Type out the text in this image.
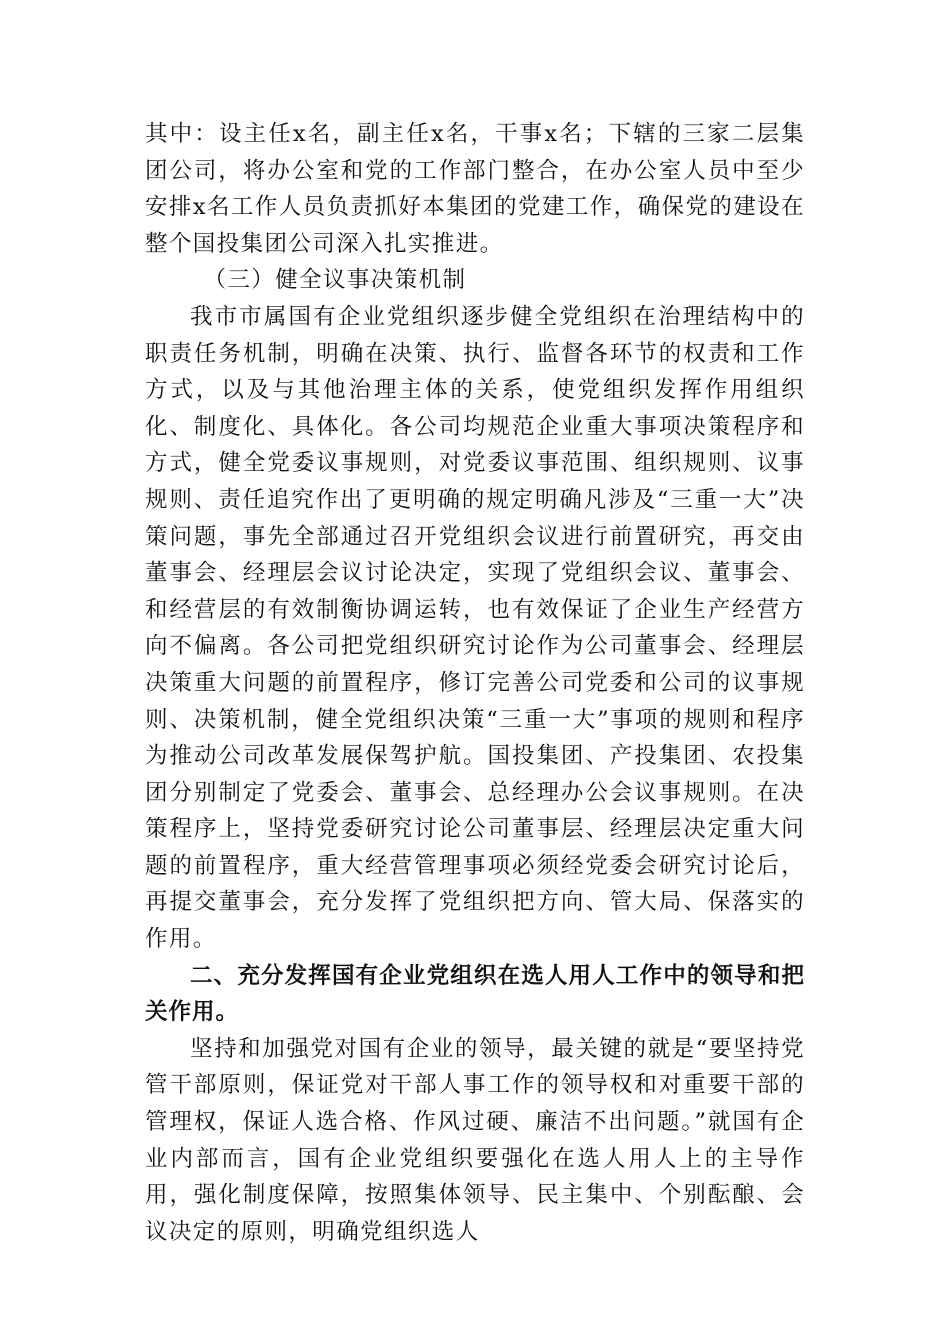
其中：设主任x名，副主任x名，干事x名；下辖的三家二层集团公司，将办公室和党的工作部门整合，在办公室人员中至少安排x名工作人员负责抓好本集团的党建工作，确保党的建设在整个国投集团公司深入扎实推进。

（三）健全议事决策机制

我市市属国有企业党组织逐步健全党组织在治理结构中的职责任务机制，明确在决策、执行、监督各环节的权责和工作方式，以及与其他治理主体的关系，使党组织发挥作用组织化、制度化、具体化。各公司均规范企业重大事项决策程序和方式，健全党委议事规则，对党委议事范围、组织规则、议事规则、责任追究作出了更明确的规定明确凡涉及“三重一大”决策问题，事先全部通过召开党组织会议进行前置研究，再交由董事会、经理层会议讨论决定，实现了党组织会议、董事会、和经营层的有效制衡协调运转，也有效保证了企业生产经营方向不偏离。各公司把党组织研究讨论作为公司董事会、经理层决策重大问题的前置程序，修订完善公司党委和公司的议事规则、决策机制，健全党组织决策“三重一大”事项的规则和程序为推动公司改革发展保驾护航。国投集团、产投集团、农投集团分别制定了党委会、董事会、总经理办公会议事规则。在决策程序上，坚持党委研究讨论公司董事层、经理层决定重大问题的前置程序，重大经营管理事项必须经党委会研究讨论后，再提交董事会，充分发挥了党组织把方向、管大局、保落实的作用。

二、充分发挥国有企业党组织在选人用人工作中的领导和把关作用。

坚持和加强党对国有企业的领导，最关键的就是“要坚持党管干部原则，保证党对干部人事工作的领导权和对重要干部的管理权，保证人选合格、作风过硬、廉洁不出问题。”就国有企业内部而言，国有企业党组织要强化在选人用人上的主导作用，强化制度保障，按照集体领导、民主集中、个别酝酿、会议决定的原则，明确党组织选人
